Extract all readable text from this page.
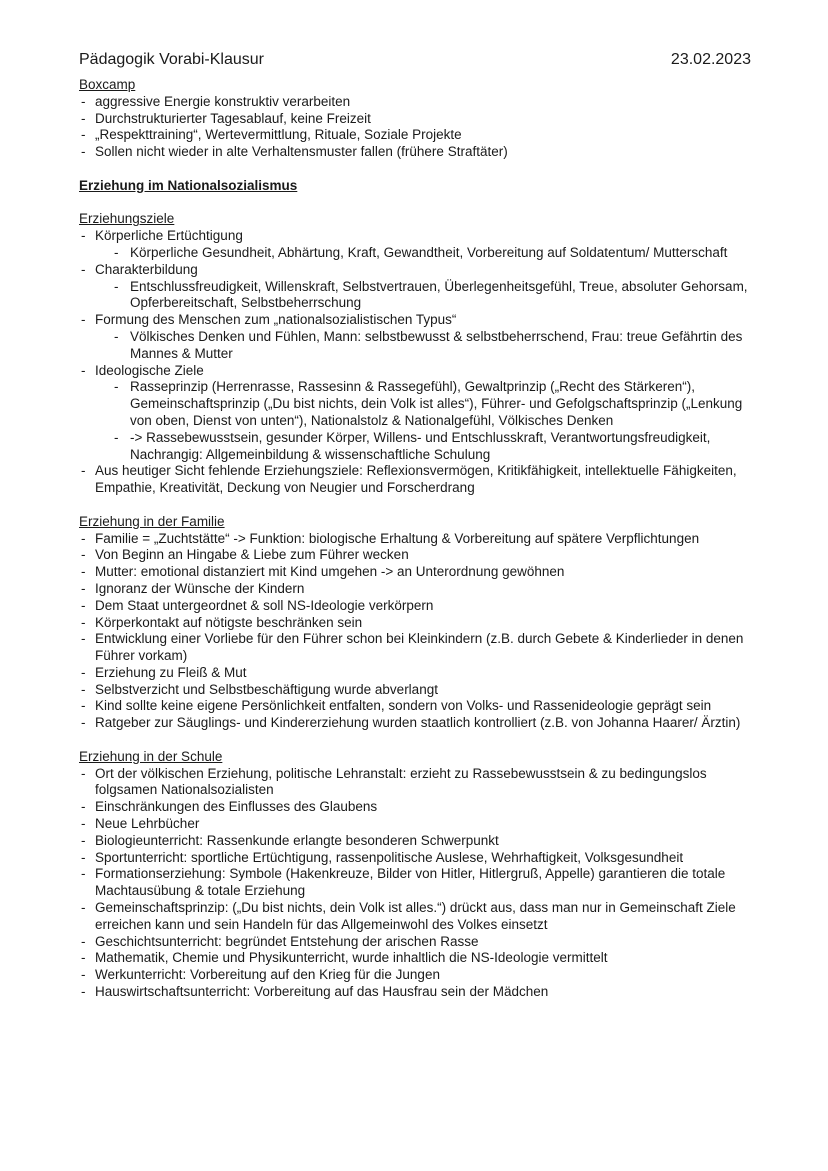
Pädagogik Vorabi-Klausur	23.02.2023
Boxcamp
- aggressive Energie konstruktiv verarbeiten
- Durchstrukturierter Tagesablauf, keine Freizeit
- „Respekttraining“, Wertevermittlung, Rituale, Soziale Projekte
- Sollen nicht wieder in alte Verhaltensmuster fallen (frühere Straftäter)
Erziehung im Nationalsozialismus
Erziehungsziele
- Körperliche Ertüchtigung
- Körperliche Gesundheit, Abhärtung, Kraft, Gewandtheit, Vorbereitung auf Soldatentum/ Mutterschaft
- Charakterbildung
- Entschlussfreudigkeit, Willenskraft, Selbstvertrauen, Überlegenheitsgefühl, Treue, absoluter Gehorsam, Opferbereitschaft, Selbstbeherrschung
- Formung des Menschen zum „nationalsozialistischen Typus“
- Völkisches Denken und Fühlen, Mann: selbstbewusst & selbstbeherrschend, Frau: treue Gefährtin des Mannes & Mutter
- Ideologische Ziele
- Rasseprinzip (Herrenrasse, Rassesinn & Rassegefühl), Gewaltprinzip („Recht des Stärkeren“), Gemeinschaftsprinzip („Du bist nichts, dein Volk ist alles“), Führer- und Gefolgschaftsprinzip („Lenkung von oben, Dienst von unten“), Nationalstolz & Nationalgefühl, Völkisches Denken
- -> Rassebewusstsein, gesunder Körper, Willens- und Entschlusskraft, Verantwortungsfreudigkeit, Nachrangig: Allgemeinbildung & wissenschaftliche Schulung
- Aus heutiger Sicht fehlende Erziehungsziele: Reflexionsvermögen, Kritikfähigkeit, intellektuelle Fähigkeiten, Empathie, Kreativität, Deckung von Neugier und Forscherdrang
Erziehung in der Familie
- Familie = „Zuchtstätte“ -> Funktion: biologische Erhaltung & Vorbereitung auf spätere Verpflichtungen
- Von Beginn an Hingabe & Liebe zum Führer wecken
- Mutter: emotional distanziert mit Kind umgehen -> an Unterordnung gewöhnen
- Ignoranz der Wünsche der Kindern
- Dem Staat untergeordnet & soll NS-Ideologie verkörpern
- Körperkontakt auf nötigste beschränken sein
- Entwicklung einer Vorliebe für den Führer schon bei Kleinkindern (z.B. durch Gebete & Kinderlieder in denen Führer vorkam)
- Erziehung zu Fleiß & Mut
- Selbstverzicht und Selbstbeschäftigung wurde abverlangt
- Kind sollte keine eigene Persönlichkeit entfalten, sondern von Volks- und Rassenideologie geprägt sein
- Ratgeber zur Säuglings- und Kindererziehung wurden staatlich kontrolliert (z.B. von Johanna Haarer/ Ärztin)
Erziehung in der Schule
- Ort der völkischen Erziehung, politische Lehranstalt: erzieht zu Rassebewusstsein & zu bedingungslos folgsamen Nationalsozialisten
- Einschränkungen des Einflusses des Glaubens
- Neue Lehrbücher
- Biologieunterricht: Rassenkunde erlangte besonderen Schwerpunkt
- Sportunterricht: sportliche Ertüchtigung, rassenpolitische Auslese, Wehrhaftigkeit, Volksgesundheit
- Formationserziehung: Symbole (Hakenkreuze, Bilder von Hitler, Hitlergruß, Appelle) garantieren die totale Machtausübung & totale Erziehung
- Gemeinschaftsprinzip: („Du bist nichts, dein Volk ist alles.“) drückt aus, dass man nur in Gemeinschaft Ziele erreichen kann und sein Handeln für das Allgemeinwohl des Volkes einsetzt
- Geschichtsunterricht: begründet Entstehung der arischen Rasse
- Mathematik, Chemie und Physikunterricht, wurde inhaltlich die NS-Ideologie vermittelt
- Werkunterricht: Vorbereitung auf den Krieg für die Jungen
- Hauswirtschaftsunterricht: Vorbereitung auf das Hausfrau sein der Mädchen
